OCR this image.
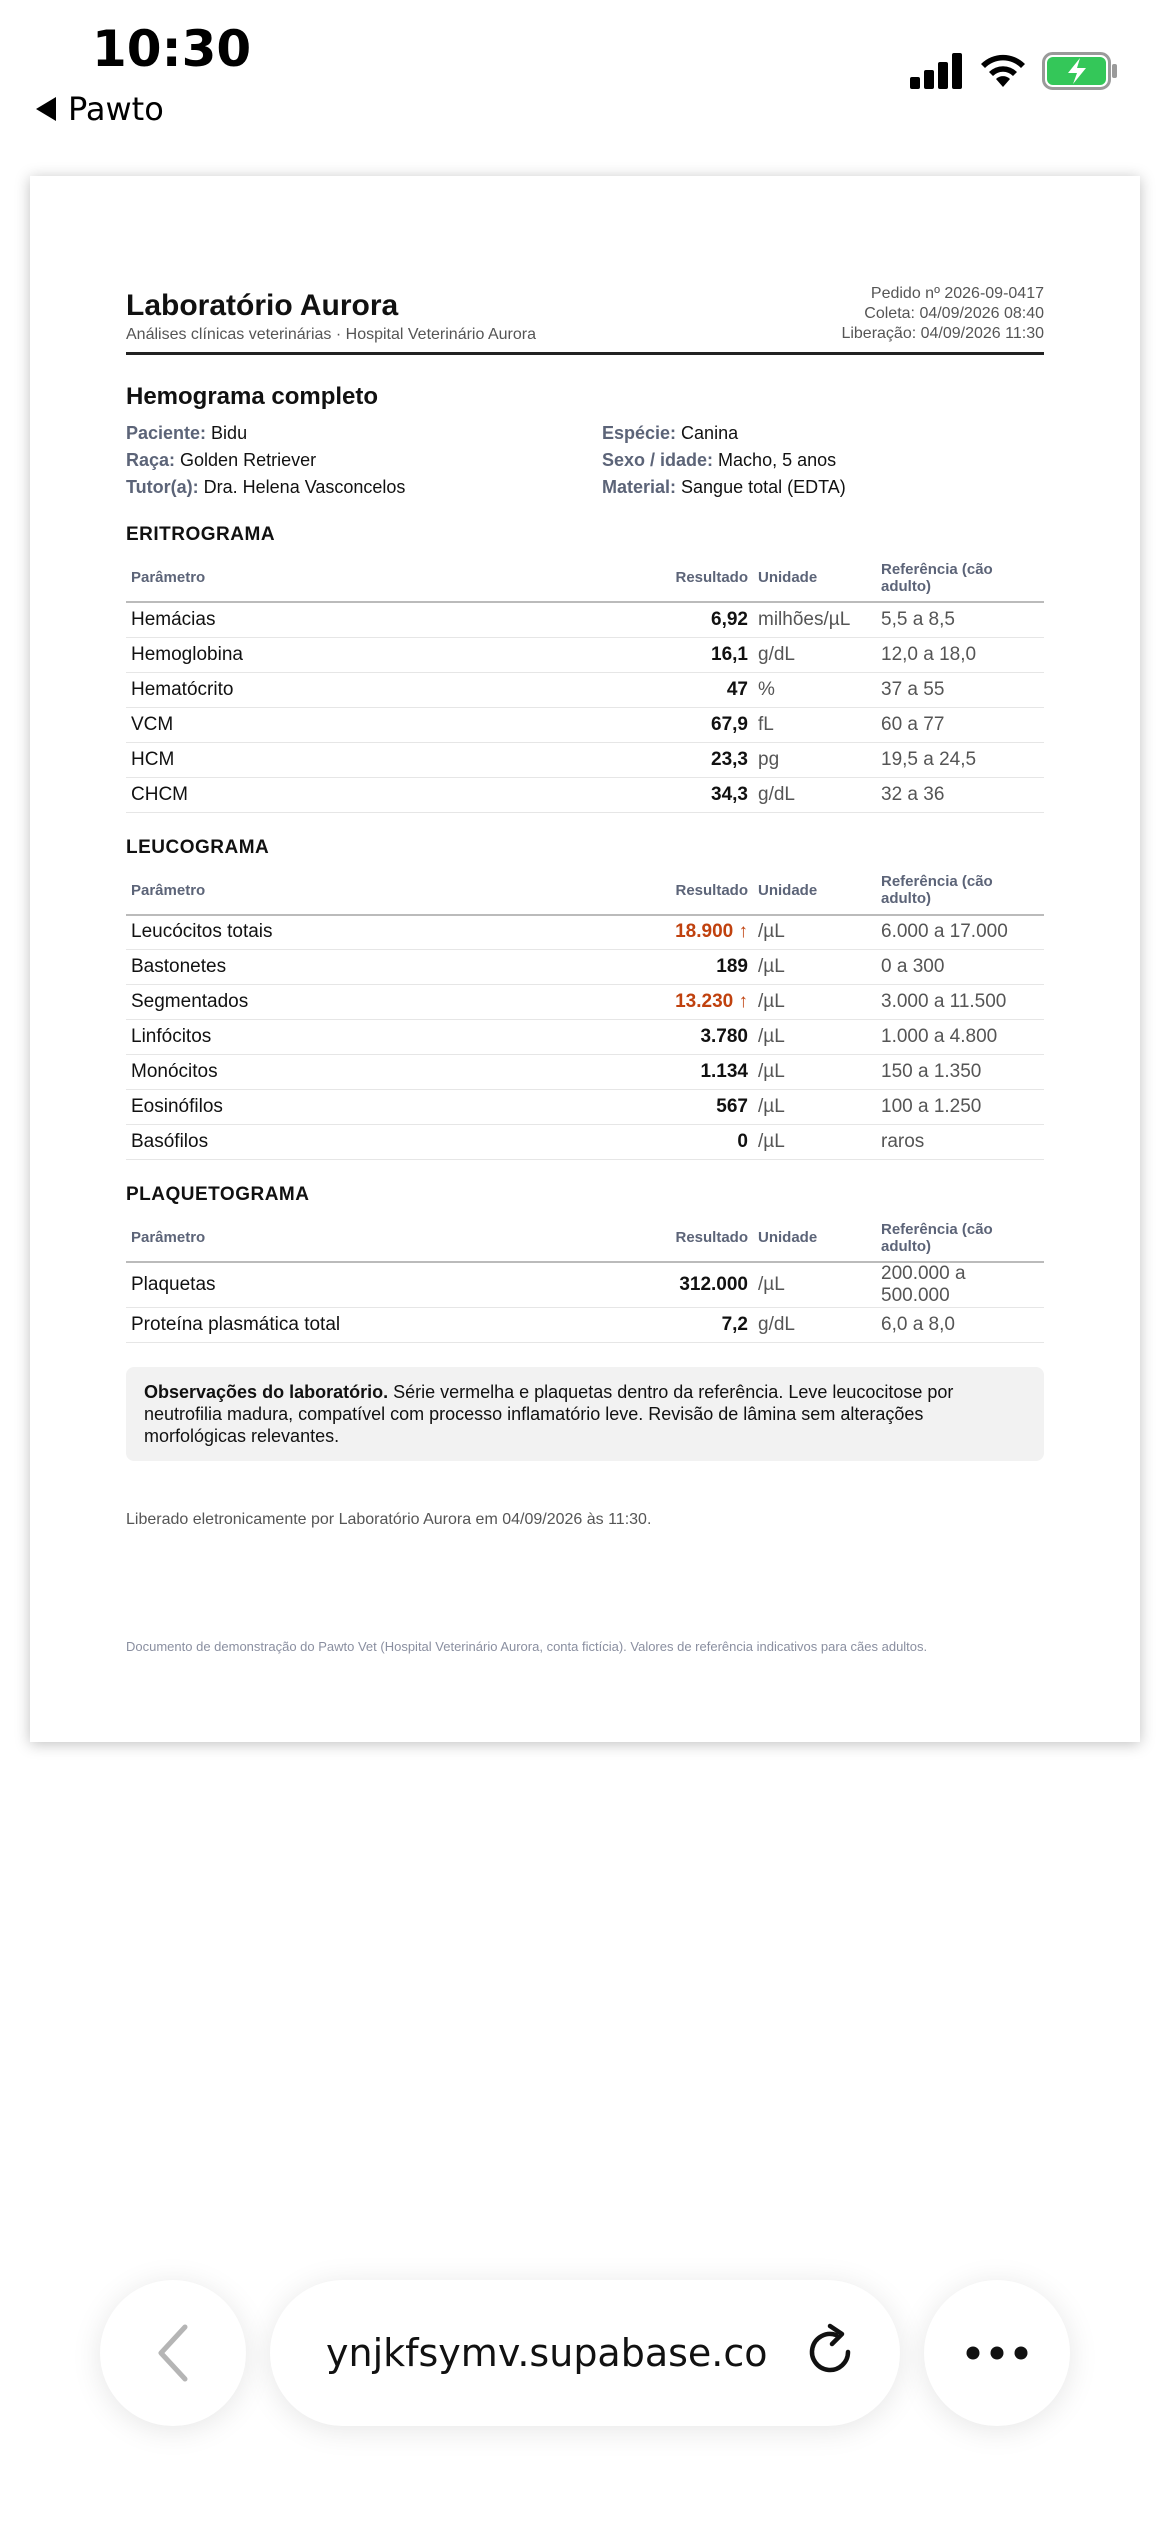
10:30
Pawto
Laboratório Aurora
Análises clínicas veterinárias · Hospital Veterinário Aurora
Pedido nº 2026-09-0417
Coleta: 04/09/2026 08:40
Liberação: 04/09/2026 11:30
Hemograma completo
Paciente: Bidu	Espécie: Canina
Raça: Golden Retriever	Sexo / idade: Macho, 5 anos
Tutor(a): Dra. Helena Vasconcelos	Material: Sangue total (EDTA)
ERITROGRAMA
Parâmetro	Resultado	Unidade	Referência (cão adulto)
Hemácias	6,92	milhões/µL	5,5 a 8,5
Hemoglobina	16,1	g/dL	12,0 a 18,0
Hematócrito	47	%	37 a 55
VCM	67,9	fL	60 a 77
HCM	23,3	pg	19,5 a 24,5
CHCM	34,3	g/dL	32 a 36
LEUCOGRAMA
Parâmetro	Resultado	Unidade	Referência (cão adulto)
Leucócitos totais	18.900 ↑	/µL	6.000 a 17.000
Bastonetes	189	/µL	0 a 300
Segmentados	13.230 ↑	/µL	3.000 a 11.500
Linfócitos	3.780	/µL	1.000 a 4.800
Monócitos	1.134	/µL	150 a 1.350
Eosinófilos	567	/µL	100 a 1.250
Basófilos	0	/µL	raros
PLAQUETOGRAMA
Parâmetro	Resultado	Unidade	Referência (cão adulto)
Plaquetas	312.000	/µL	200.000 a 500.000
Proteína plasmática total	7,2	g/dL	6,0 a 8,0
Observações do laboratório. Série vermelha e plaquetas dentro da referência. Leve leucocitose por neutrofilia madura, compatível com processo inflamatório leve. Revisão de lâmina sem alterações morfológicas relevantes.
Liberado eletronicamente por Laboratório Aurora em 04/09/2026 às 11:30.
Documento de demonstração do Pawto Vet (Hospital Veterinário Aurora, conta fictícia). Valores de referência indicativos para cães adultos.
ynjkfsymv.supabase.co
